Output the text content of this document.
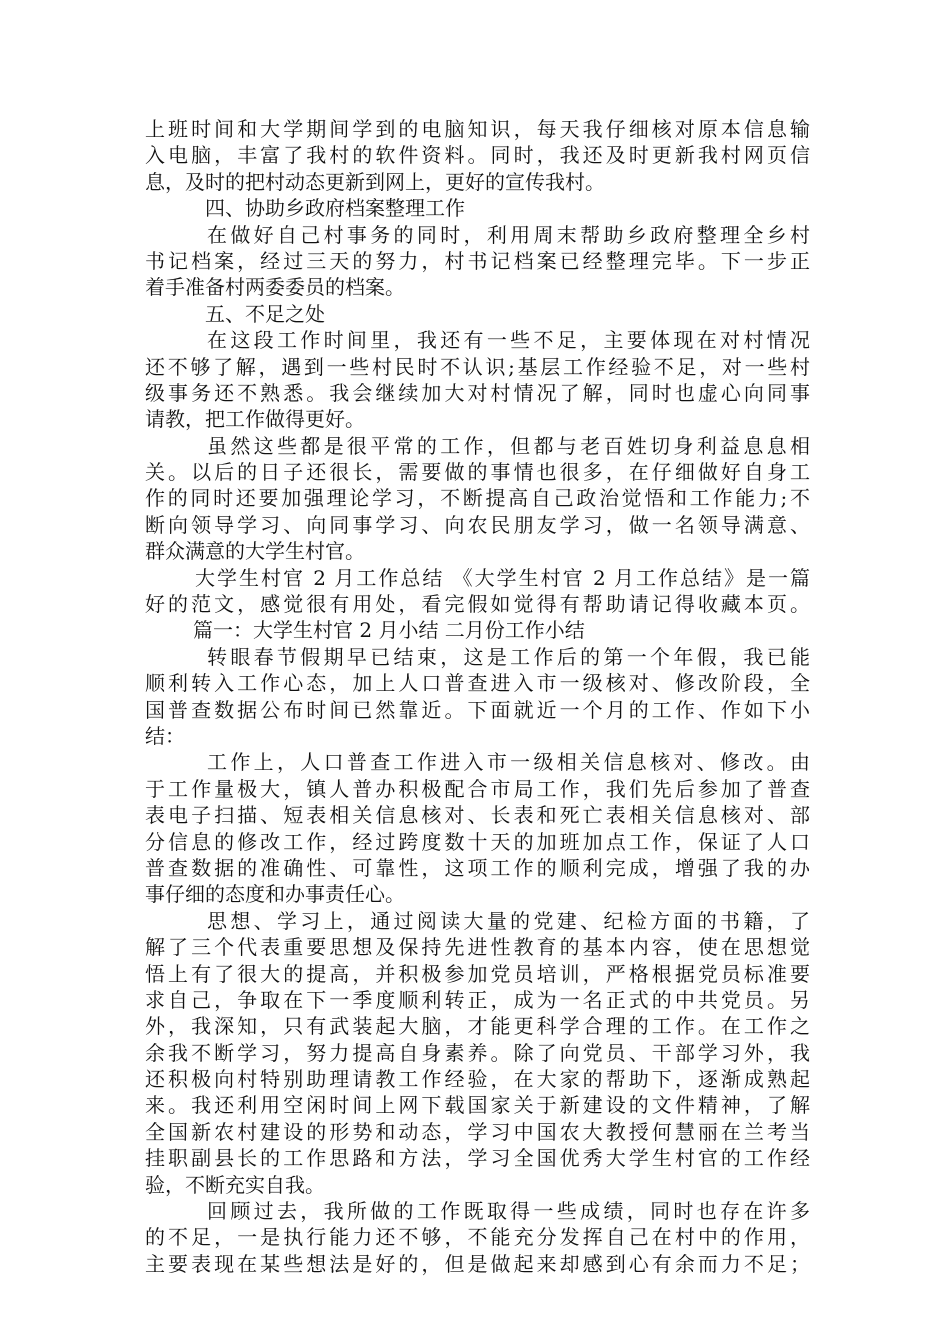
上班时间和大学期间学到的电脑知识，每天我仔细核对原本信息输
入电脑，丰富了我村的软件资料。同时，我还及时更新我村网页信
息，及时的把村动态更新到网上，更好的宣传我村。
四、协助乡政府档案整理工作
在做好自己村事务的同时，利用周末帮助乡政府整理全乡村
书记档案，经过三天的努力，村书记档案已经整理完毕。下一步正
着手准备村两委委员的档案。
五、不足之处
在这段工作时间里，我还有一些不足，主要体现在对村情况
还不够了解，遇到一些村民时不认识;基层工作经验不足，对一些村
级事务还不熟悉。我会继续加大对村情况了解，同时也虚心向同事
请教，把工作做得更好。
虽然这些都是很平常的工作，但都与老百姓切身利益息息相
关。以后的日子还很长，需要做的事情也很多，在仔细做好自身工
作的同时还要加强理论学习，不断提高自己政治觉悟和工作能力;不
断向领导学习、向同事学习、向农民朋友学习，做一名领导满意、
群众满意的大学生村官。
大学生村官 2 月工作总结 《大学生村官 2 月工作总结》是一篇
好的范文，感觉很有用处，看完假如觉得有帮助请记得收藏本页。
篇一：大学生村官 2 月小结 二月份工作小结
转眼春节假期早已结束，这是工作后的第一个年假，我已能
顺利转入工作心态，加上人口普查进入市一级核对、修改阶段，全
国普查数据公布时间已然靠近。下面就近一个月的工作、作如下小
结：
工作上，人口普查工作进入市一级相关信息核对、修改。由
于工作量极大，镇人普办积极配合市局工作，我们先后参加了普查
表电子扫描、短表相关信息核对、长表和死亡表相关信息核对、部
分信息的修改工作，经过跨度数十天的加班加点工作，保证了人口
普查数据的准确性、可靠性，这项工作的顺利完成，增强了我的办
事仔细的态度和办事责任心。
思想、学习上，通过阅读大量的党建、纪检方面的书籍，了
解了三个代表重要思想及保持先进性教育的基本内容，使在思想觉
悟上有了很大的提高，并积极参加党员培训，严格根据党员标准要
求自己，争取在下一季度顺利转正，成为一名正式的中共党员。另
外，我深知，只有武装起大脑，才能更科学合理的工作。在工作之
余我不断学习，努力提高自身素养。除了向党员、干部学习外，我
还积极向村特别助理请教工作经验，在大家的帮助下，逐渐成熟起
来。我还利用空闲时间上网下载国家关于新建设的文件精神，了解
全国新农村建设的形势和动态，学习中国农大教授何慧丽在兰考当
挂职副县长的工作思路和方法，学习全国优秀大学生村官的工作经
验，不断充实自我。
回顾过去，我所做的工作既取得一些成绩，同时也存在许多
的不足，一是执行能力还不够，不能充分发挥自己在村中的作用，
主要表现在某些想法是好的，但是做起来却感到心有余而力不足；
